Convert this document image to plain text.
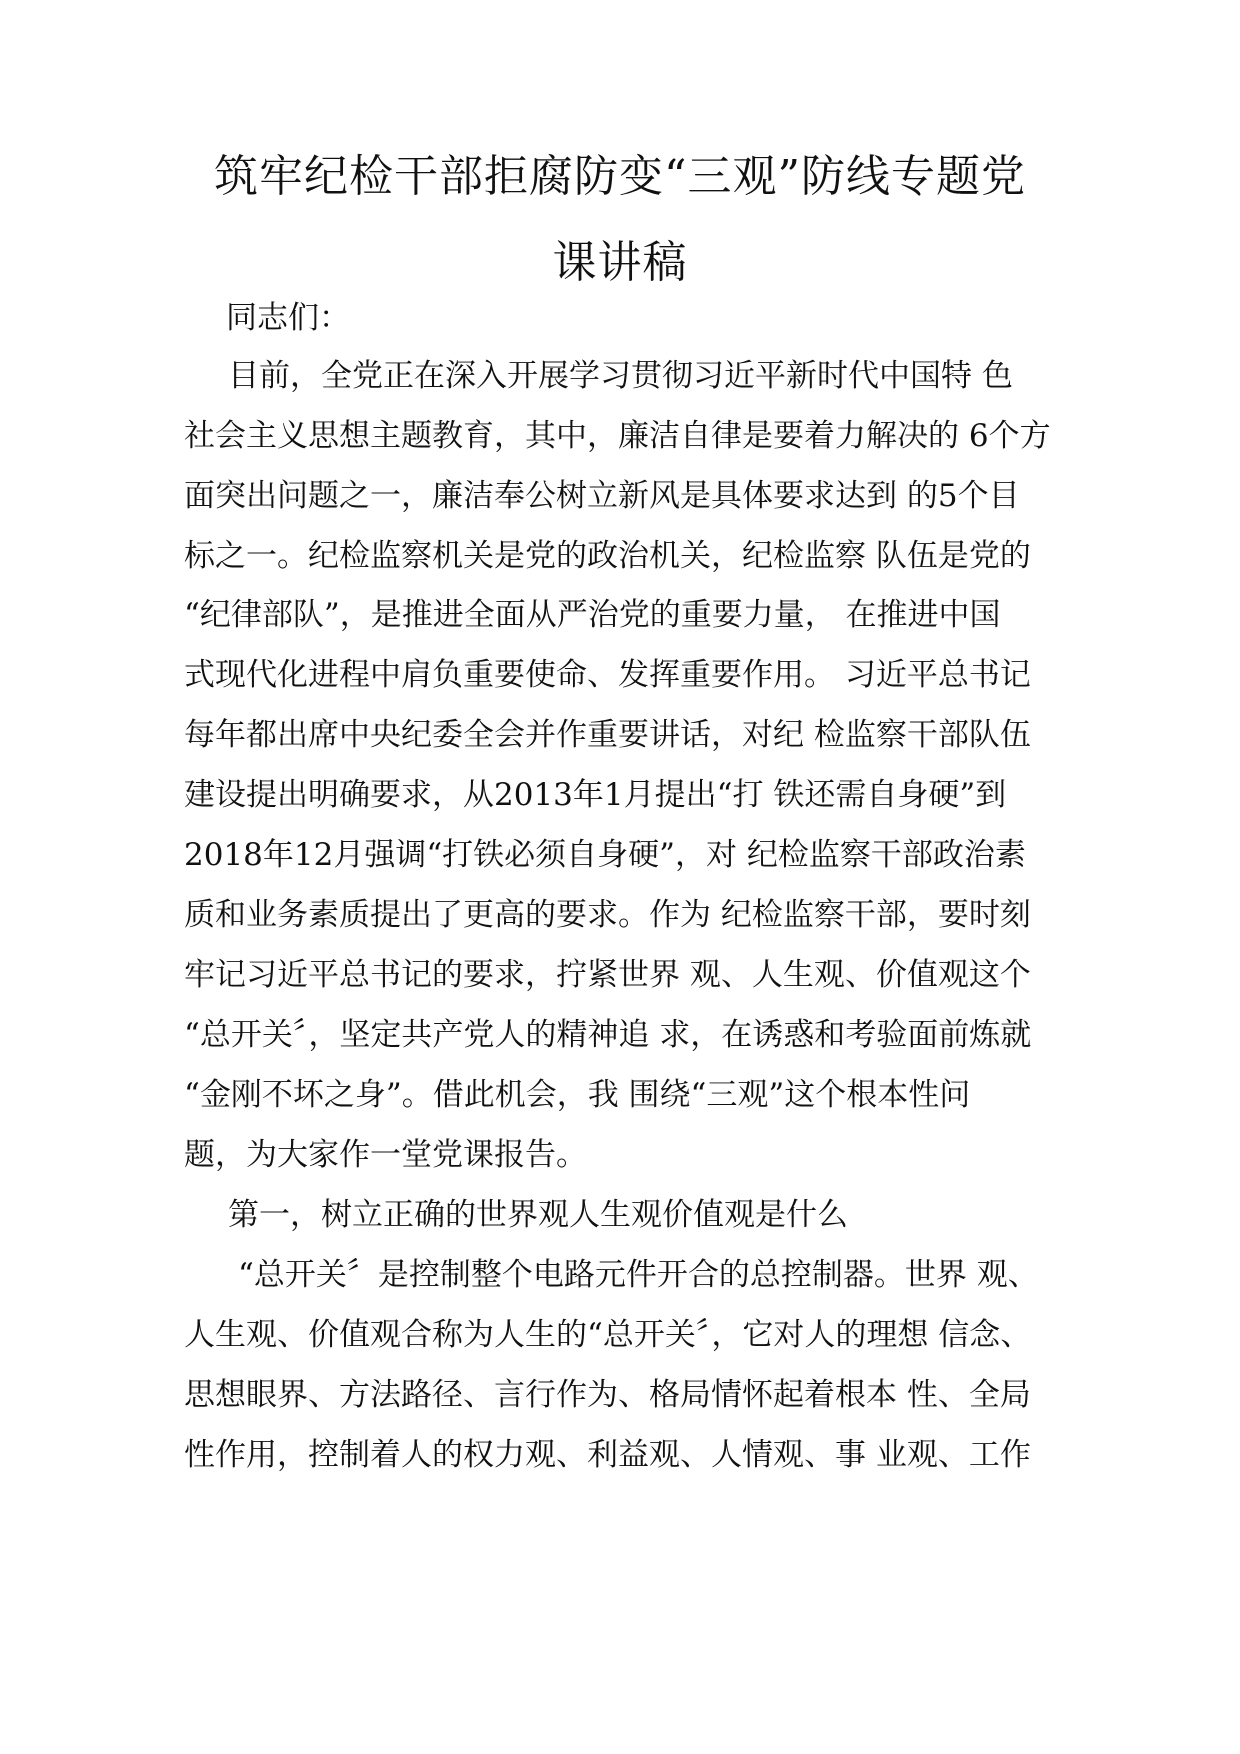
筑牢纪检干部拒腐防变“三观”防线专题党
课讲稿
同志们：
目前，全党正在深入开展学习贯彻习近平新时代中国特 色
社会主义思想主题教育，其中，廉洁自律是要着力解决的 6个方
面突出问题之一，廉洁奉公树立新风是具体要求达到 的5个目
标之一。纪检监察机关是党的政治机关，纪检监察 队伍是党的
“纪律部队”，是推进全面从严治党的重要力量， 在推进中国
式现代化进程中肩负重要使命、发挥重要作用。 习近平总书记
每年都出席中央纪委全会并作重要讲话，对纪 检监察干部队伍
建设提出明确要求，从2013年1月提出“打 铁还需自身硬”到
2018年12月强调“打铁必须自身硬”，对 纪检监察干部政治素
质和业务素质提出了更高的要求。作为 纪检监察干部，要时刻
牢记习近平总书记的要求，拧紧世界 观、人生观、价值观这个
“总开关〞，坚定共产党人的精神追 求，在诱惑和考验面前炼就
“金刚不坏之身”。借此机会，我 围绕“三观”这个根本性问
题，为大家作一堂党课报告。
第一，树立正确的世界观人生观价值观是什么
“总开关〞是控制整个电路元件开合的总控制器。世界 观、
人生观、价值观合称为人生的“总开关〞，它对人的理想 信念、
思想眼界、方法路径、言行作为、格局情怀起着根本 性、全局
性作用，控制着人的权力观、利益观、人情观、事 业观、工作
